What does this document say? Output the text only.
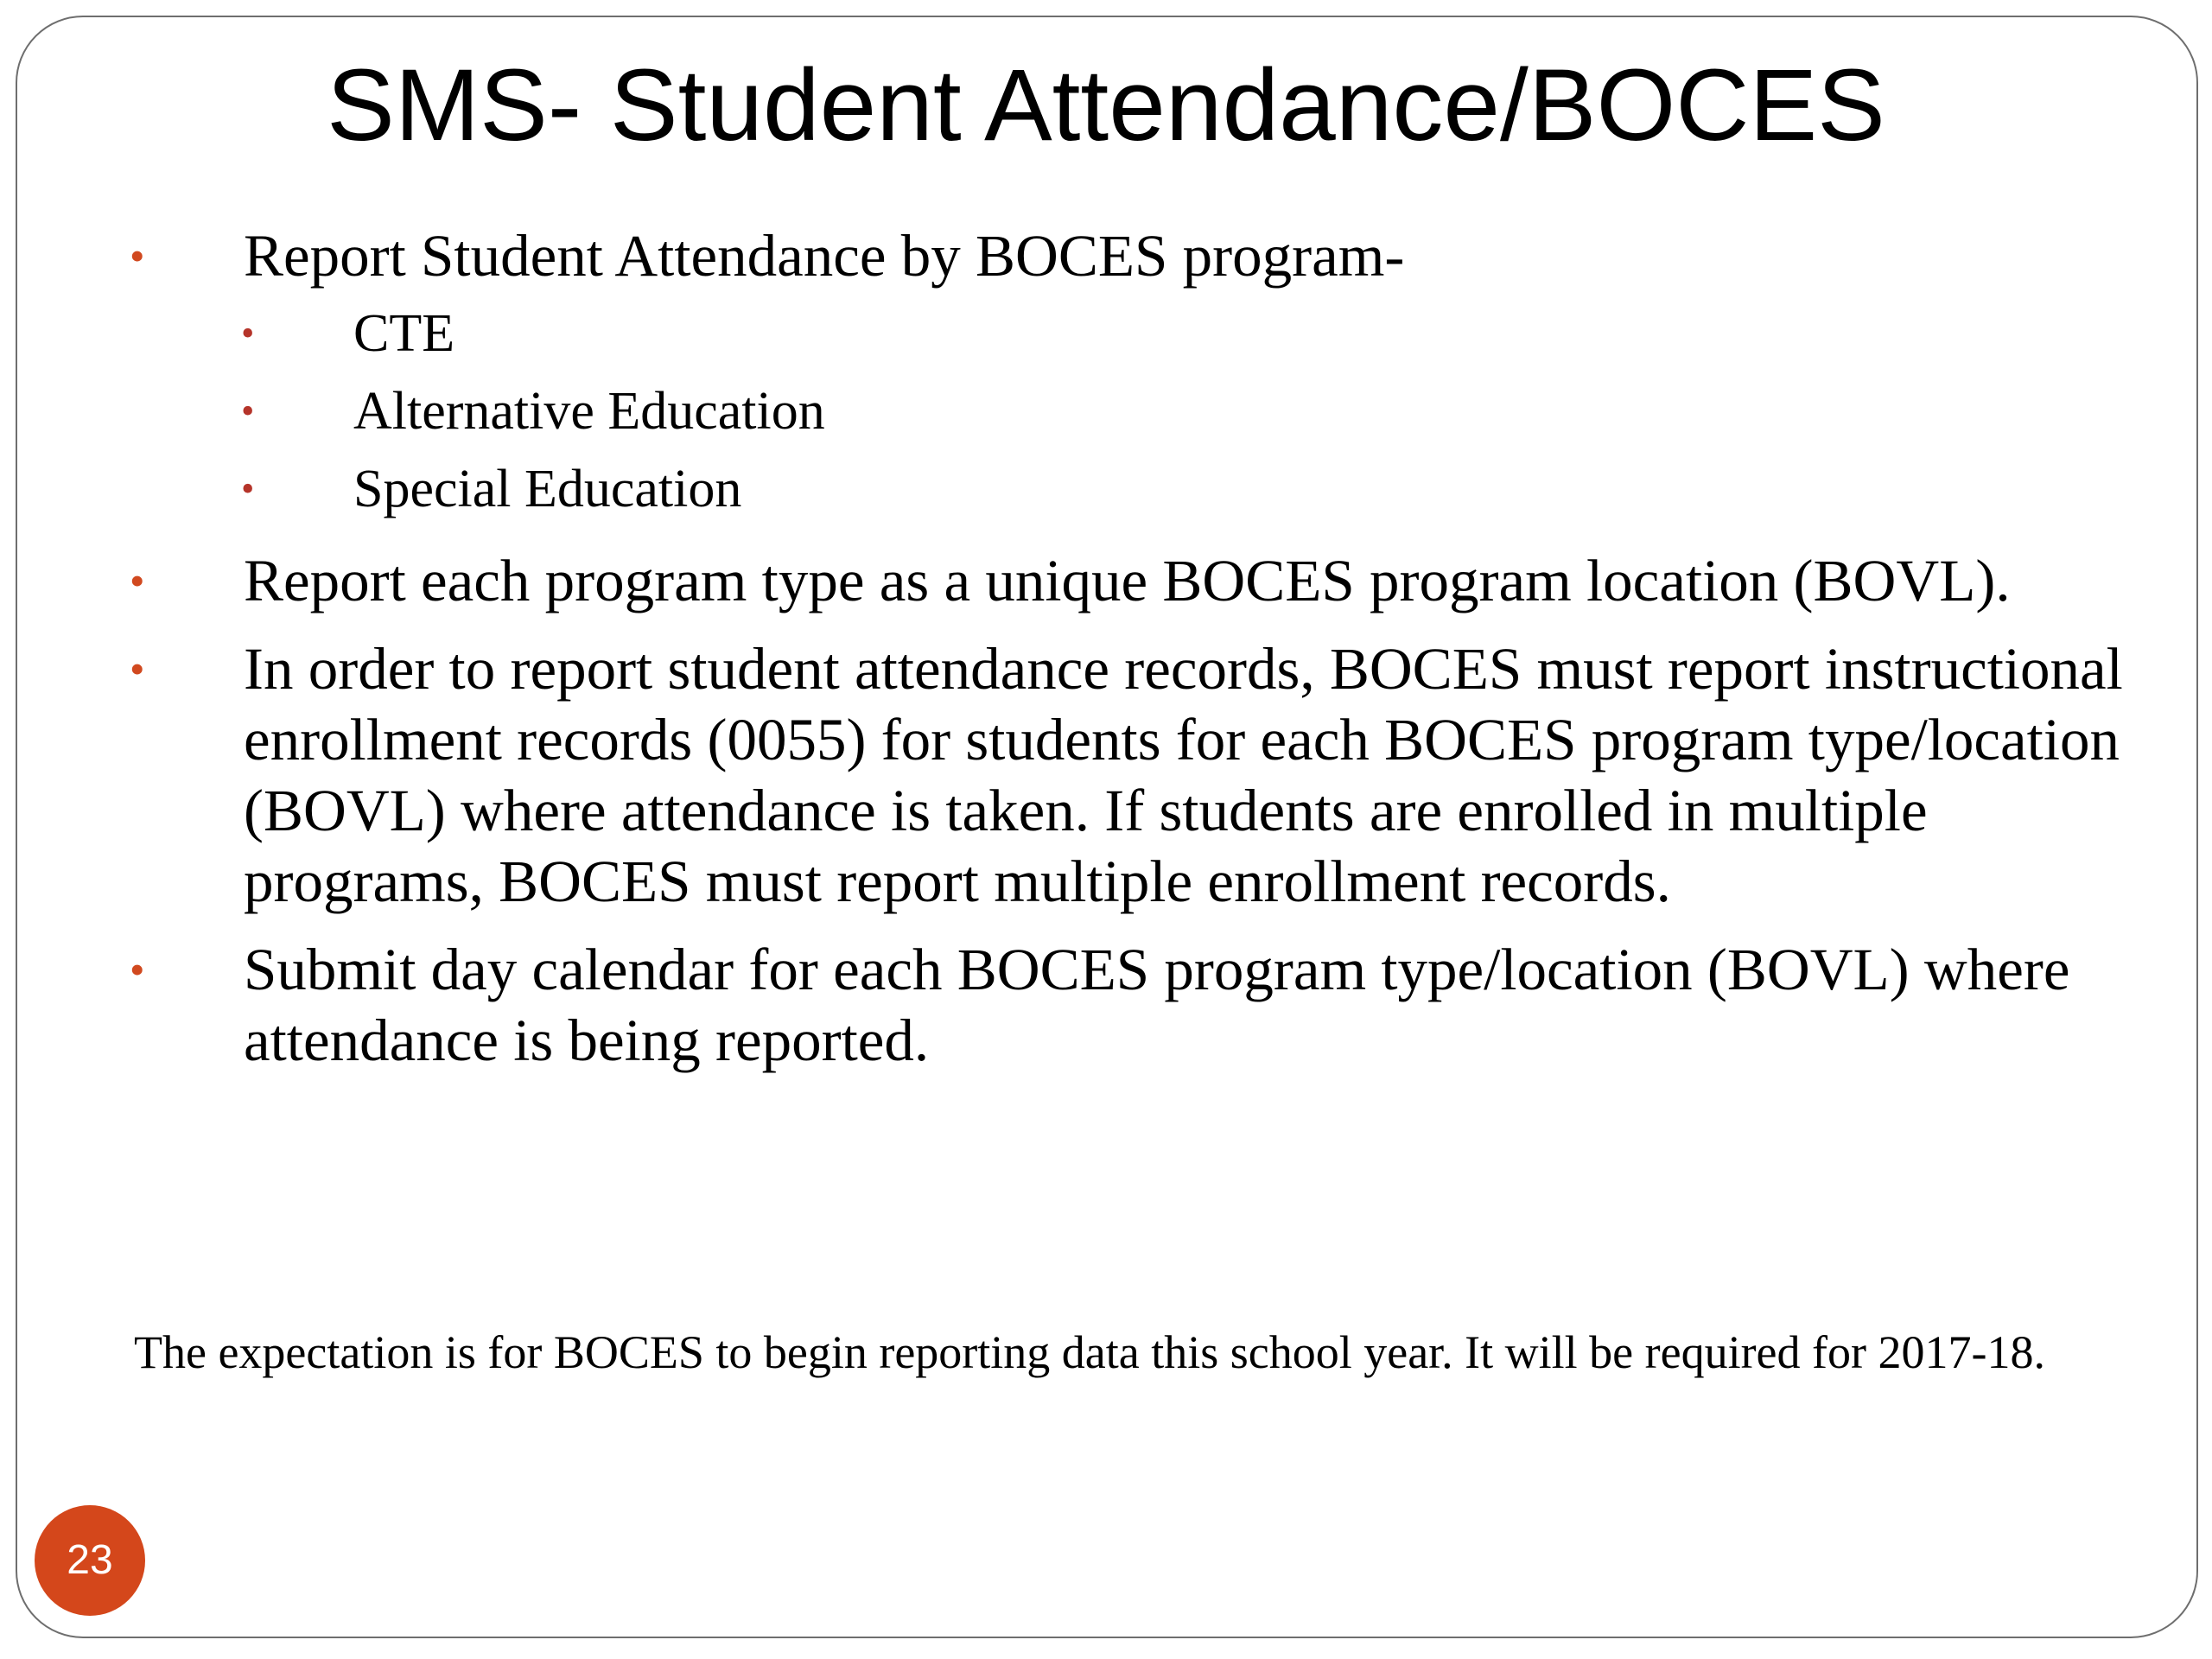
SMS- Student Attendance/BOCES
• Report Student Attendance by BOCES program-
• CTE
• Alternative Education
• Special Education
• Report each program type as a unique BOCES program location (BOVL).
• In order to report student attendance records, BOCES must report instructional enrollment records (0055) for students for each BOCES program type/location (BOVL) where attendance is taken. If students are enrolled in multiple programs, BOCES must report multiple enrollment records.
• Submit day calendar for each BOCES program type/location (BOVL) where attendance is being reported.

The expectation is for BOCES to begin reporting data this school year. It will be required for 2017-18.

23
